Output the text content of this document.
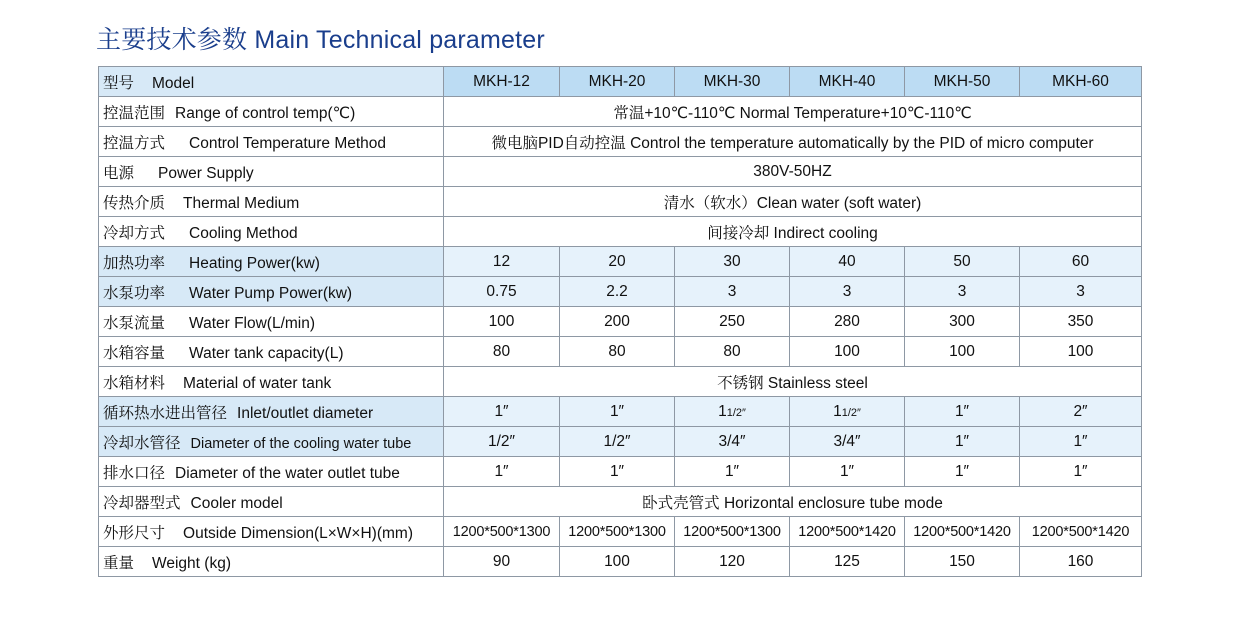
主要技术参数 Main Technical parameter
型号 Model	MKH-12	MKH-20	MKH-30	MKH-40	MKH-50	MKH-60
控温范围 Range of control temp(℃)	常温+10℃-110℃ Normal Temperature+10℃-110℃					
控温方式 Control Temperature Method	微电脑PID自动控温 Control the temperature automatically by the PID of micro computer					
电源 Power Supply	380V-50HZ					
传热介质 Thermal Medium	清水（软水）Clean water (soft water)					
冷却方式 Cooling Method	间接冷却 Indirect cooling					
加热功率 Heating Power(kw)	12	20	30	40	50	60
水泵功率 Water Pump Power(kw)	0.75	2.2	3	3	3	3
水泵流量 Water Flow(L/min)	100	200	250	280	300	350
水箱容量 Water tank capacity(L)	80	80	80	100	100	100
水箱材料 Material of water tank	不锈钢 Stainless steel					
循环热水进出管径 Inlet/outlet diameter	1″	1″	11/2″	11/2″	1″	2″
冷却水管径 Diameter of the cooling water tube	1/2″	1/2″	3/4″	3/4″	1″	1″
排水口径 Diameter of the water outlet tube	1″	1″	1″	1″	1″	1″
冷却器型式 Cooler model	卧式壳管式 Horizontal enclosure tube mode					
外形尺寸 Outside Dimension(L×W×H)(mm)	1200*500*1300	1200*500*1300	1200*500*1300	1200*500*1420	1200*500*1420	1200*500*1420
重量 Weight (kg)	90	100	120	125	150	160
